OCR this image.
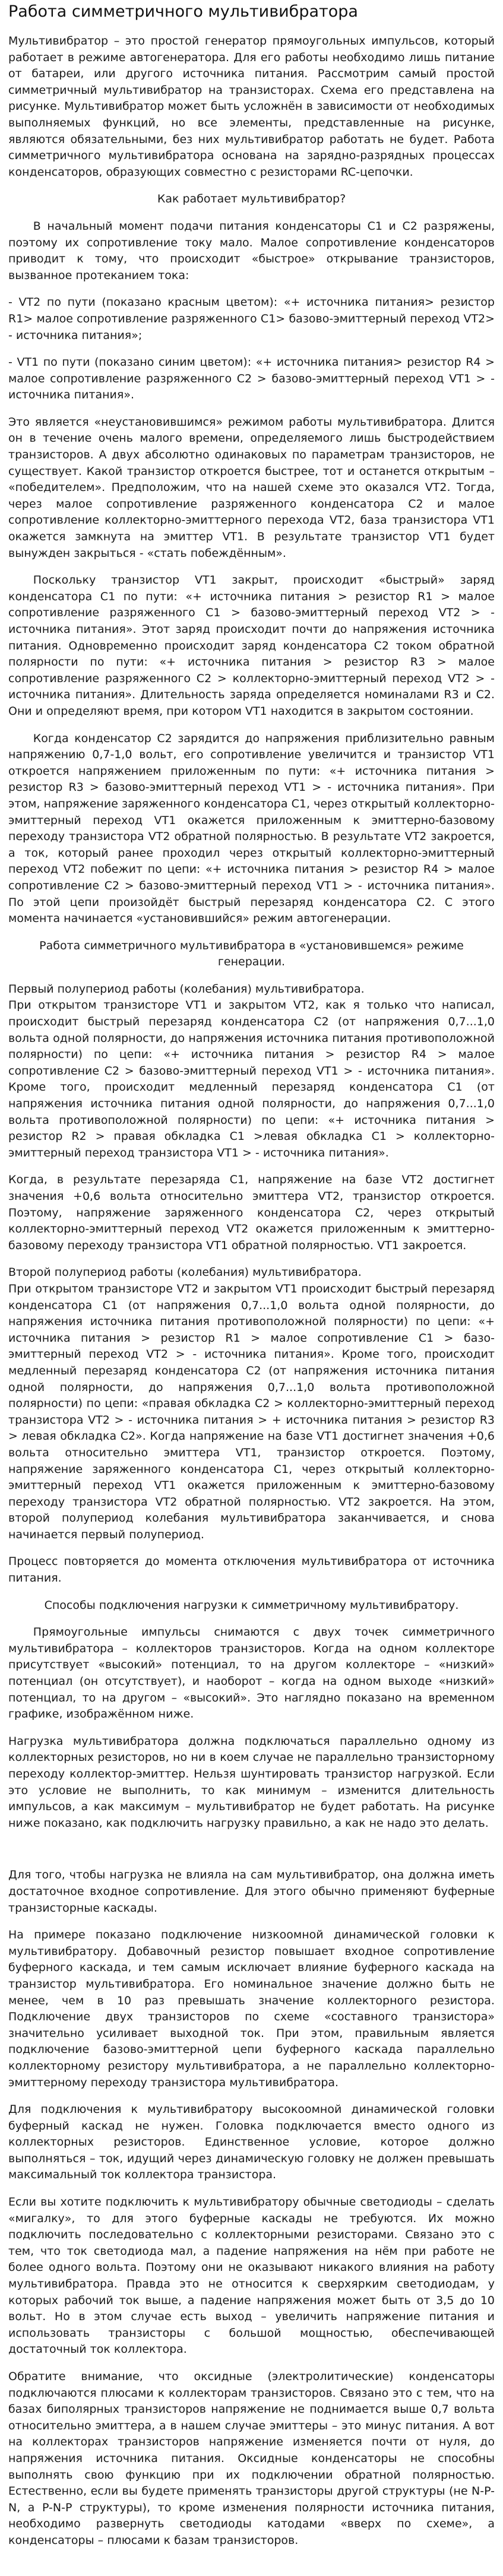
Работа симметричного мультивибратора

Мультивибратор – это простой генератор прямоугольных импульсов, который работает в режиме автогенератора. Для его работы необходимо лишь питание от батареи, или другого источника питания. Рассмотрим самый простой симметричный мультивибратор на транзисторах. Схема его представлена на рисунке. Мультивибратор может быть усложнён в зависимости от необходимых выполняемых функций, но все элементы, представленные на рисунке, являются обязательными, без них мультивибратор работать не будет. Работа симметричного мультивибратора основана на зарядно-разрядных процессах конденсаторов, образующих совместно с резисторами RC-цепочки.

Как работает мультивибратор?

В начальный момент подачи питания конденсаторы С1 и С2 разряжены, поэтому их сопротивление току мало. Малое сопротивление конденсаторов приводит к тому, что происходит «быстрое» открывание транзисторов, вызванное протеканием тока:

- VT2 по пути (показано красным цветом): «+ источника питания> резистор R1> малое сопротивление разряженного С1> базово-эмиттерный переход VT2> - источника питания»;

- VT1 по пути (показано синим цветом): «+ источника питания> резистор R4 > малое сопротивление разряженного С2 > базово-эмиттерный переход VT1 > - источника питания».

Это является «неустановившимся» режимом работы мультивибратора. Длится он в течение очень малого времени, определяемого лишь быстродействием транзисторов. А двух абсолютно одинаковых по параметрам транзисторов, не существует. Какой транзистор откроется быстрее, тот и останется открытым – «победителем». Предположим, что на нашей схеме это оказался VT2. Тогда, через малое сопротивление разряженного конденсатора С2 и малое сопротивление коллекторно-эмиттерного перехода VT2, база транзистора VT1 окажется замкнута на эмиттер VT1. В результате транзистор VT1 будет вынужден закрыться - «стать побеждённым».

Поскольку транзистор VT1 закрыт, происходит «быстрый» заряд конденсатора С1 по пути: «+ источника питания > резистор R1 > малое сопротивление разряженного С1 > базово-эмиттерный переход VT2 > - источника питания». Этот заряд происходит почти до напряжения источника питания. Одновременно происходит заряд конденсатора С2 током обратной полярности по пути: «+ источника питания > резистор R3 > малое сопротивление разряженного С2 > коллекторно-эмиттерный переход VT2 > - источника питания». Длительность заряда определяется номиналами R3 и С2. Они и определяют время, при котором VT1 находится в закрытом состоянии.

Когда конденсатор С2 зарядится до напряжения приблизительно равным напряжению 0,7-1,0 вольт, его сопротивление увеличится и транзистор VT1 откроется напряжением приложенным по пути: «+ источника питания > резистор R3 > базово-эмиттерный переход VT1 > - источника питания». При этом, напряжение заряженного конденсатора С1, через открытый коллекторно-эмиттерный переход VT1 окажется приложенным к эмиттерно-базовому переходу транзистора VT2 обратной полярностью. В результате VT2 закроется, а ток, который ранее проходил через открытый коллекторно-эмиттерный переход VT2 побежит по цепи: «+ источника питания > резистор R4 > малое сопротивление С2 > базово-эмиттерный переход VT1 > - источника питания». По этой цепи произойдёт быстрый перезаряд конденсатора С2. С этого момента начинается «установившийся» режим автогенерации.

Работа симметричного мультивибратора в «установившемся» режиме генерации.

Первый полупериод работы (колебания) мультивибратора.

При открытом транзисторе VT1 и закрытом VT2, как я только что написал, происходит быстрый перезаряд конденсатора С2 (от напряжения 0,7...1,0 вольта одной полярности, до напряжения источника питания противоположной полярности) по цепи: «+ источника питания > резистор R4 > малое сопротивление С2 > базово-эмиттерный переход VT1 > - источника питания». Кроме того, происходит медленный перезаряд конденсатора С1 (от напряжения источника питания одной полярности, до напряжения 0,7...1,0 вольта противоположной полярности) по цепи: «+ источника питания > резистор R2 > правая обкладка С1 >левая обкладка С1 > коллекторно-эмиттерный переход транзистора VT1 > - источника питания».

Когда, в результате перезаряда С1, напряжение на базе VT2 достигнет значения +0,6 вольта относительно эмиттера VT2, транзистор откроется. Поэтому, напряжение заряженного конденсатора С2, через открытый коллекторно-эмиттерный переход VT2 окажется приложенным к эмиттерно-базовому переходу транзистора VT1 обратной полярностью. VT1 закроется.

Второй полупериод работы (колебания) мультивибратора.

При открытом транзисторе VT2 и закрытом VT1 происходит быстрый перезаряд конденсатора С1 (от напряжения 0,7...1,0 вольта одной полярности, до напряжения источника питания противоположной полярности) по цепи: «+ источника питания > резистор R1 > малое сопротивление С1 > базо-эмиттерный переход VT2 > - источника питания». Кроме того, происходит медленный перезаряд конденсатора С2 (от напряжения источника питания одной полярности, до напряжения 0,7...1,0 вольта противоположной полярности) по цепи: «правая обкладка С2 > коллекторно-эмиттерный переход транзистора VT2 > - источника питания > + источника питания > резистор R3 > левая обкладка С2». Когда напряжение на базе VT1 достигнет значения +0,6 вольта относительно эмиттера VT1, транзистор откроется. Поэтому, напряжение заряженного конденсатора С1, через открытый коллекторно-эмиттерный переход VT1 окажется приложенным к эмиттерно-базовому переходу транзистора VT2 обратной полярностью. VT2 закроется. На этом, второй полупериод колебания мультивибратора заканчивается, и снова начинается первый полупериод.

Процесс повторяется до момента отключения мультивибратора от источника питания.

Способы подключения нагрузки к симметричному мультивибратору.

Прямоугольные импульсы снимаются с двух точек симметричного мультивибратора – коллекторов транзисторов. Когда на одном коллекторе присутствует «высокий» потенциал, то на другом коллекторе – «низкий» потенциал (он отсутствует), и наоборот – когда на одном выходе «низкий» потенциал, то на другом – «высокий». Это наглядно показано на временном графике, изображённом ниже.

Нагрузка мультивибратора должна подключаться параллельно одному из коллекторных резисторов, но ни в коем случае не параллельно транзисторному переходу коллектор-эмиттер. Нельзя шунтировать транзистор нагрузкой. Если это условие не выполнить, то как минимум – изменится длительность импульсов, а как максимум – мультивибратор не будет работать. На рисунке ниже показано, как подключить нагрузку правильно, а как не надо это делать.

Для того, чтобы нагрузка не влияла на сам мультивибратор, она должна иметь достаточное входное сопротивление. Для этого обычно применяют буферные транзисторные каскады.

На примере показано подключение низкоомной динамической головки к мультивибратору. Добавочный резистор повышает входное сопротивление буферного каскада, и тем самым исключает влияние буферного каскада на транзистор мультивибратора. Его номинальное значение должно быть не менее, чем в 10 раз превышать значение коллекторного резистора. Подключение двух транзисторов по схеме «составного транзистора» значительно усиливает выходной ток. При этом, правильным является подключение базово-эмиттерной цепи буферного каскада параллельно коллекторному резистору мультивибратора, а не параллельно коллекторно-эмиттерному переходу транзистора мультивибратора.

Для подключения к мультивибратору высокоомной динамической головки буферный каскад не нужен. Головка подключается вместо одного из коллекторных резисторов. Единственное условие, которое должно выполняться – ток, идущий через динамическую головку не должен превышать максимальный ток коллектора транзистора.

Если вы хотите подключить к мультивибратору обычные светодиоды – сделать «мигалку», то для этого буферные каскады не требуются. Их можно подключить последовательно с коллекторными резисторами. Связано это с тем, что ток светодиода мал, а падение напряжения на нём при работе не более одного вольта. Поэтому они не оказывают никакого влияния на работу мультивибратора. Правда это не относится к сверхярким светодиодам, у которых рабочий ток выше, а падение напряжения может быть от 3,5 до 10 вольт. Но в этом случае есть выход – увеличить напряжение питания и использовать транзисторы с большой мощностью, обеспечивающей достаточный ток коллектора.

Обратите внимание, что оксидные (электролитические) конденсаторы подключаются плюсами к коллекторам транзисторов. Связано это с тем, что на базах биполярных транзисторов напряжение не поднимается выше 0,7 вольта относительно эмиттера, а в нашем случае эмиттеры – это минус питания. А вот на коллекторах транзисторов напряжение изменяется почти от нуля, до напряжения источника питания. Оксидные конденсаторы не способны выполнять свою функцию при их подключении обратной полярностью. Естественно, если вы будете применять транзисторы другой структуры (не N-P-N, а P-N-P структуры), то кроме изменения полярности источника питания, необходимо развернуть светодиоды катодами «вверх по схеме», а конденсаторы – плюсами к базам транзисторов.
